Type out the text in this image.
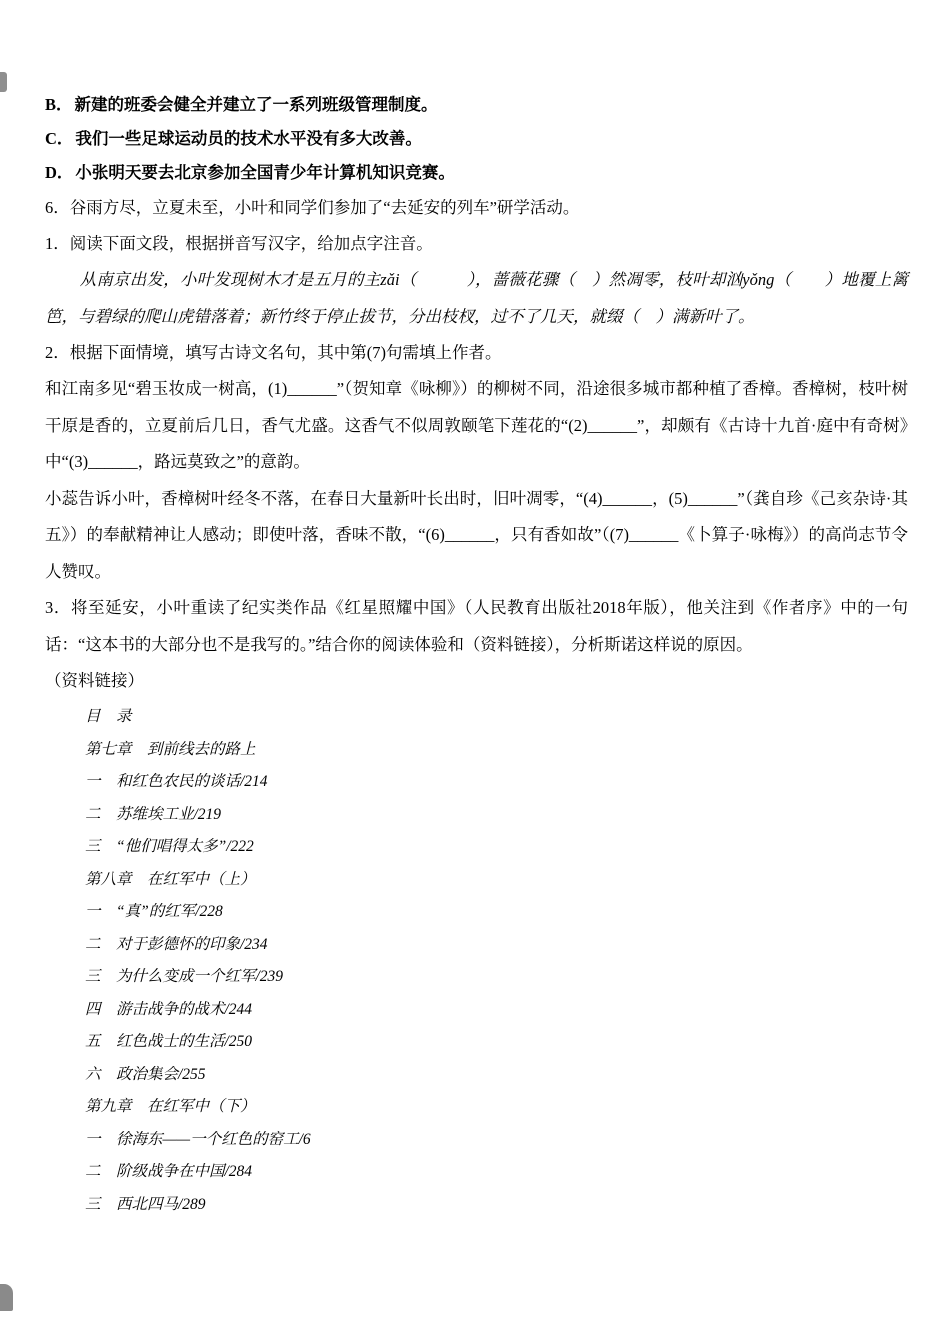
B． 新建的班委会健全并建立了一系列班级管理制度。

C． 我们一些足球运动员的技术水平没有多大改善。

D． 小张明天要去北京参加全国青少年计算机知识竞赛。

6．谷雨方尽，立夏未至，小叶和同学们参加了“去延安的列车”研学活动。

1．阅读下面文段，根据拼音写汉字，给加点字注音。

从南京出发，小叶发现树木才是五月的主zǎi（　　　），蔷薇花骤（　）然凋零，枝叶却汹yǒng（　　）地覆上篱笆，与碧绿的爬山虎错落着；新竹终于停止拔节，分出枝杈，过不了几天，就缀（　）满新叶了。

2．根据下面情境，填写古诗文名句，其中第(7)句需填上作者。

和江南多见“碧玉妆成一树高，(1)______”（贺知章《咏柳》）的柳树不同，沿途很多城市都种植了香樟。香樟树，枝叶树干原是香的，立夏前后几日，香气尤盛。这香气不似周敦颐笔下莲花的“(2)______”，却颇有《古诗十九首·庭中有奇树》中“(3)______，路远莫致之”的意韵。

小蕊告诉小叶，香樟树叶经冬不落，在春日大量新叶长出时，旧叶凋零，“(4)______，(5)______”（龚自珍《己亥杂诗·其五》）的奉献精神让人感动；即使叶落，香味不散，“(6)______，只有香如故”（(7)______《卜算子·咏梅》）的高尚志节令人赞叹。

3．将至延安，小叶重读了纪实类作品《红星照耀中国》（人民教育出版社2018年版），他关注到《作者序》中的一句话：“这本书的大部分也不是我写的。”结合你的阅读体验和（资料链接），分析斯诺这样说的原因。

（资料链接）

目　录

第七章　到前线去的路上

一　和红色农民的谈话/214

二　苏维埃工业/219

三　“他们唱得太多”/222

第八章　在红军中（上）

一　“真”的红军/228

二　对于彭德怀的印象/234

三　为什么变成一个红军/239

四　游击战争的战术/244

五　红色战士的生活/250

六　政治集会/255

第九章　在红军中（下）

一　徐海东——一个红色的窑工/6

二　阶级战争在中国/284

三　西北四马/289
